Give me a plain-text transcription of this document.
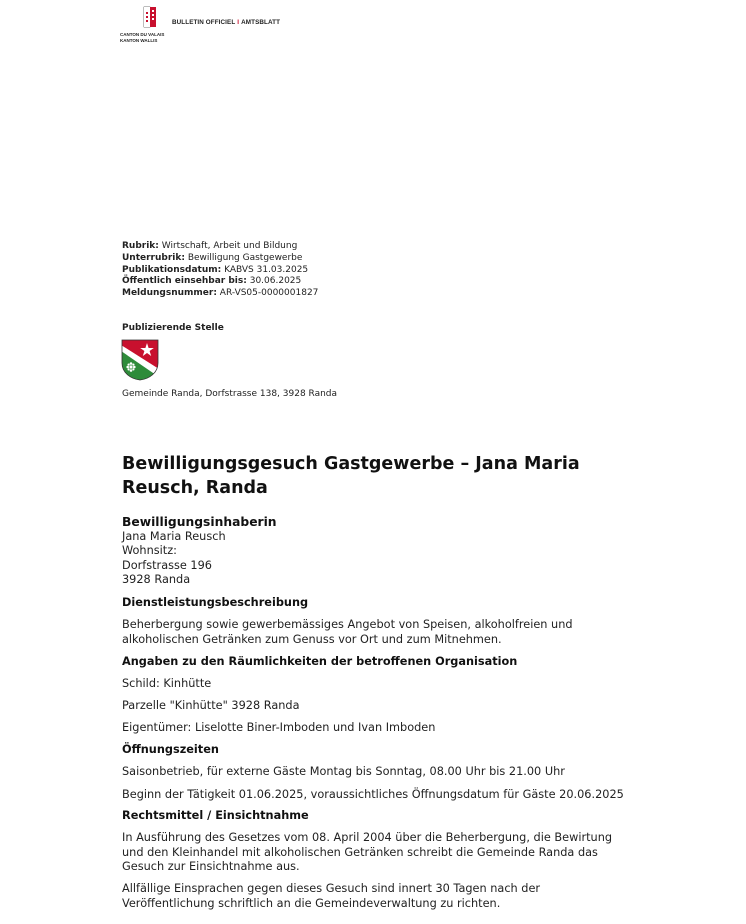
CANTON DU VALAIS
KANTON WALLIS
BULLETIN OFFICIEL I AMTSBLATT
Rubrik: Wirtschaft, Arbeit und Bildung
Unterrubrik: Bewilligung Gastgewerbe
Publikationsdatum: KABVS 31.03.2025
Öffentlich einsehbar bis: 30.06.2025
Meldungsnummer: AR-VS05-0000001827
Publizierende Stelle
Gemeinde Randa, Dorfstrasse 138, 3928 Randa
Bewilligungsgesuch Gastgewerbe – Jana Maria
Reusch, Randa
Bewilligungsinhaberin
Jana Maria Reusch
Wohnsitz:
Dorfstrasse 196
3928 Randa
Dienstleistungsbeschreibung
Beherbergung sowie gewerbemässiges Angebot von Speisen, alkoholfreien und
alkoholischen Getränken zum Genuss vor Ort und zum Mitnehmen.
Angaben zu den Räumlichkeiten der betroffenen Organisation
Schild: Kinhütte
Parzelle "Kinhütte" 3928 Randa
Eigentümer: Liselotte Biner-Imboden und Ivan Imboden
Öffnungszeiten
Saisonbetrieb, für externe Gäste Montag bis Sonntag, 08.00 Uhr bis 21.00 Uhr
Beginn der Tätigkeit 01.06.2025, voraussichtliches Öffnungsdatum für Gäste 20.06.2025
Rechtsmittel / Einsichtnahme
In Ausführung des Gesetzes vom 08. April 2004 über die Beherbergung, die Bewirtung
und den Kleinhandel mit alkoholischen Getränken schreibt die Gemeinde Randa das
Gesuch zur Einsichtnahme aus.
Allfällige Einsprachen gegen dieses Gesuch sind innert 30 Tagen nach der
Veröffentlichung schriftlich an die Gemeindeverwaltung zu richten.
